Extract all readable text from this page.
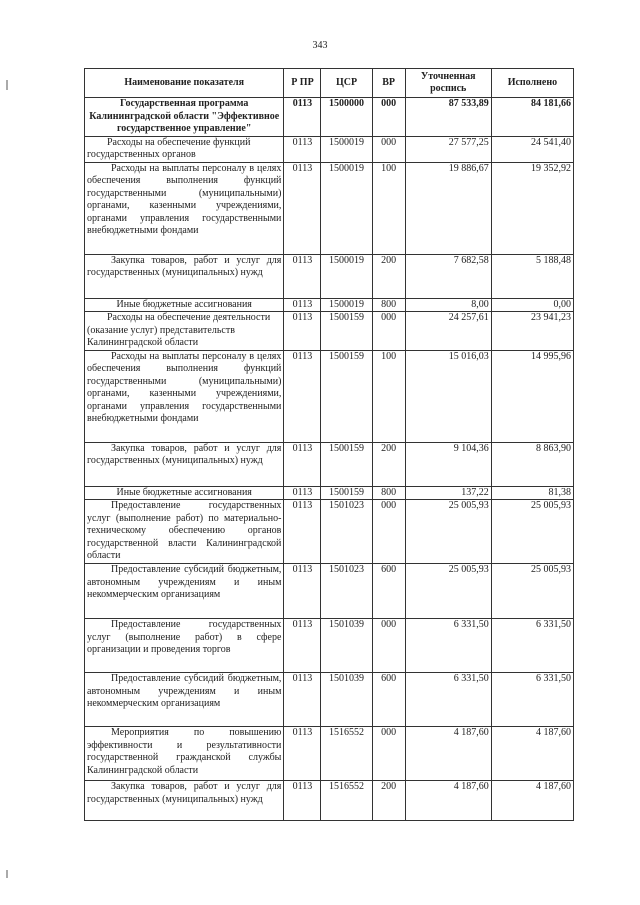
343
Наименование показателя	Р ПР	ЦСР	ВР	Уточненная роспись	Исполнено
Государственная программа Калининградской области "Эффективное государственное управление"	0113	1500000	000	87 533,89	84 181,66
Расходы на обеспечение функций государственных органов	0113	1500019	000	27 577,25	24 541,40
Расходы на выплаты персоналу в целях обеспечения выполнения функций государственными (муниципальными) органами, казенными учреждениями, органами управления государственными внебюджетными фондами	0113	1500019	100	19 886,67	19 352,92
Закупка товаров, работ и услуг для государственных (муниципальных) нужд	0113	1500019	200	7 682,58	5 188,48
Иные бюджетные ассигнования	0113	1500019	800	8,00	0,00
Расходы на обеспечение деятельности (оказание услуг) представительств Калининградской области	0113	1500159	000	24 257,61	23 941,23
Расходы на выплаты персоналу в целях обеспечения выполнения функций государственными (муниципальными) органами, казенными учреждениями, органами управления государственными внебюджетными фондами	0113	1500159	100	15 016,03	14 995,96
Закупка товаров, работ и услуг для государственных (муниципальных) нужд	0113	1500159	200	9 104,36	8 863,90
Иные бюджетные ассигнования	0113	1500159	800	137,22	81,38
Предоставление государственных услуг (выполнение работ) по материально-техническому обеспечению органов государственной власти Калининградской области	0113	1501023	000	25 005,93	25 005,93
Предоставление субсидий бюджетным, автономным учреждениям и иным некоммерческим организациям	0113	1501023	600	25 005,93	25 005,93
Предоставление государственных услуг (выполнение работ) в сфере организации и проведения торгов	0113	1501039	000	6 331,50	6 331,50
Предоставление субсидий бюджетным, автономным учреждениям и иным некоммерческим организациям	0113	1501039	600	6 331,50	6 331,50
Мероприятия по повышению эффективности и результативности государственной гражданской службы Калининградской области	0113	1516552	000	4 187,60	4 187,60
Закупка товаров, работ и услуг для государственных (муниципальных) нужд	0113	1516552	200	4 187,60	4 187,60
